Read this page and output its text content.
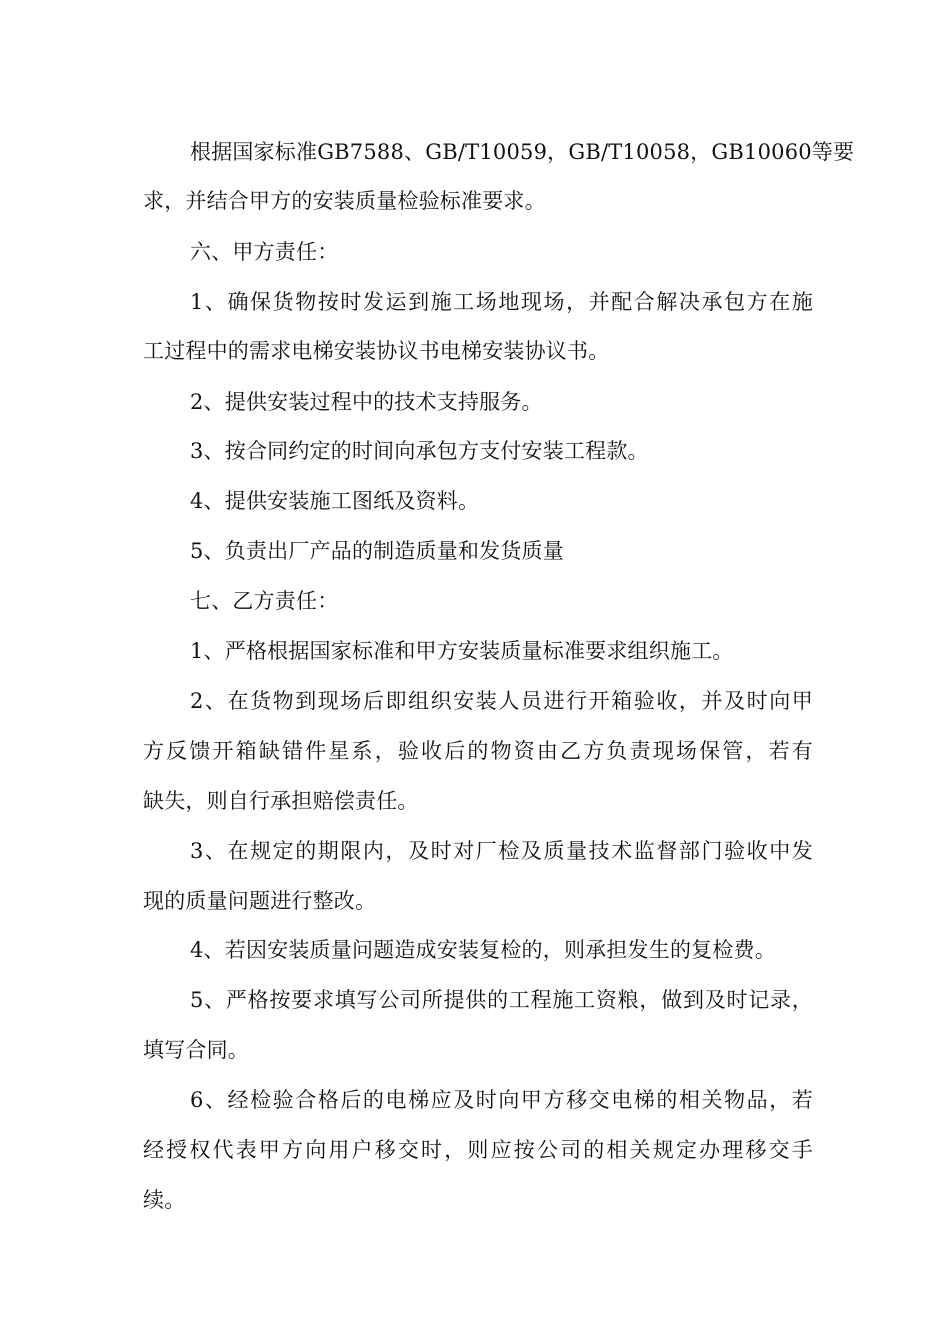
根据国家标准GB7588、GB/T10059，GB/T10058，GB10060等要
求，并结合甲方的安装质量检验标准要求。
六、甲方责任：
1、确保货物按时发运到施工场地现场，并配合解决承包方在施
工过程中的需求电梯安装协议书电梯安装协议书。
2、提供安装过程中的技术支持服务。
3、按合同约定的时间向承包方支付安装工程款。
4、提供安装施工图纸及资料。
5、负责出厂产品的制造质量和发货质量
七、乙方责任：
1、严格根据国家标准和甲方安装质量标准要求组织施工。
2、在货物到现场后即组织安装人员进行开箱验收，并及时向甲
方反馈开箱缺错件星系，验收后的物资由乙方负责现场保管，若有
缺失，则自行承担赔偿责任。
3、在规定的期限内，及时对厂检及质量技术监督部门验收中发
现的质量问题进行整改。
4、若因安装质量问题造成安装复检的，则承担发生的复检费。
5、严格按要求填写公司所提供的工程施工资粮，做到及时记录，
填写合同。
6、经检验合格后的电梯应及时向甲方移交电梯的相关物品，若
经授权代表甲方向用户移交时，则应按公司的相关规定办理移交手
续。
